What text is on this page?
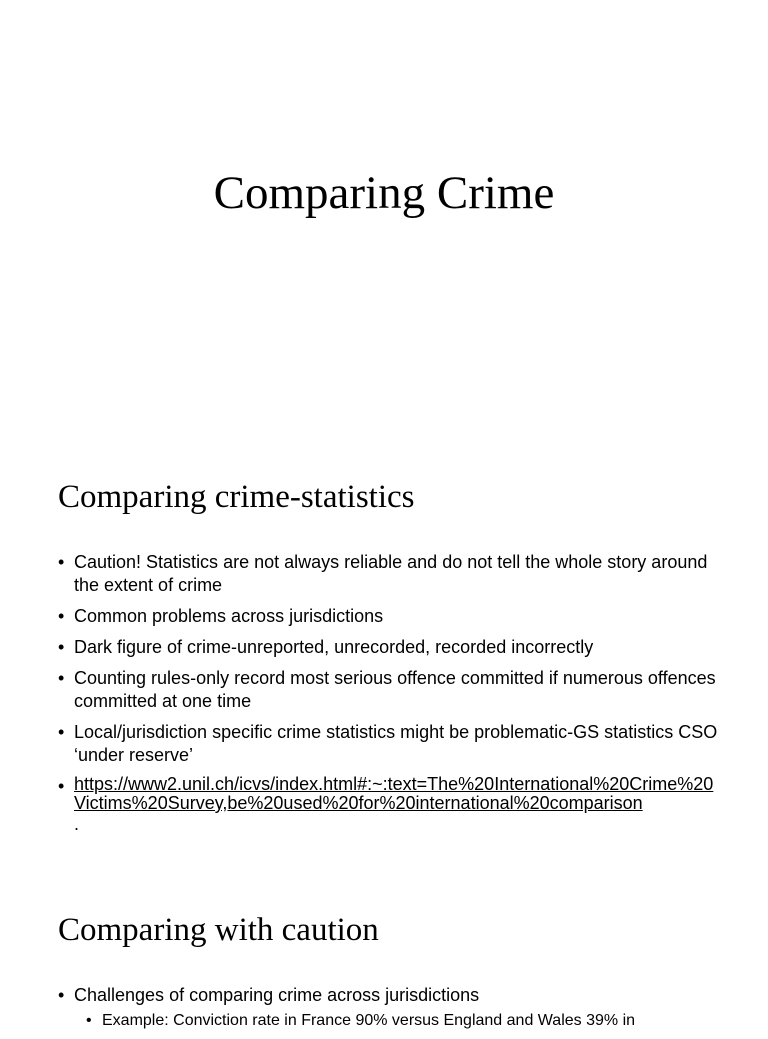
Comparing Crime
Comparing crime-statistics
• Caution! Statistics are not always reliable and do not tell the whole story around the extent of crime
• Common problems across jurisdictions
• Dark figure of crime-unreported, unrecorded, recorded incorrectly
• Counting rules-only record most serious offence committed if numerous offences committed at one time
• Local/jurisdiction specific crime statistics might be problematic-GS statistics CSO ‘under reserve’
• https://www2.unil.ch/icvs/index.html#:~:text=The%20International%20Crime%20Victims%20Survey,be%20used%20for%20international%20comparison
.
Comparing with caution
• Challenges of comparing crime across jurisdictions
• Example: Conviction rate in France 90% versus England and Wales 39% in
